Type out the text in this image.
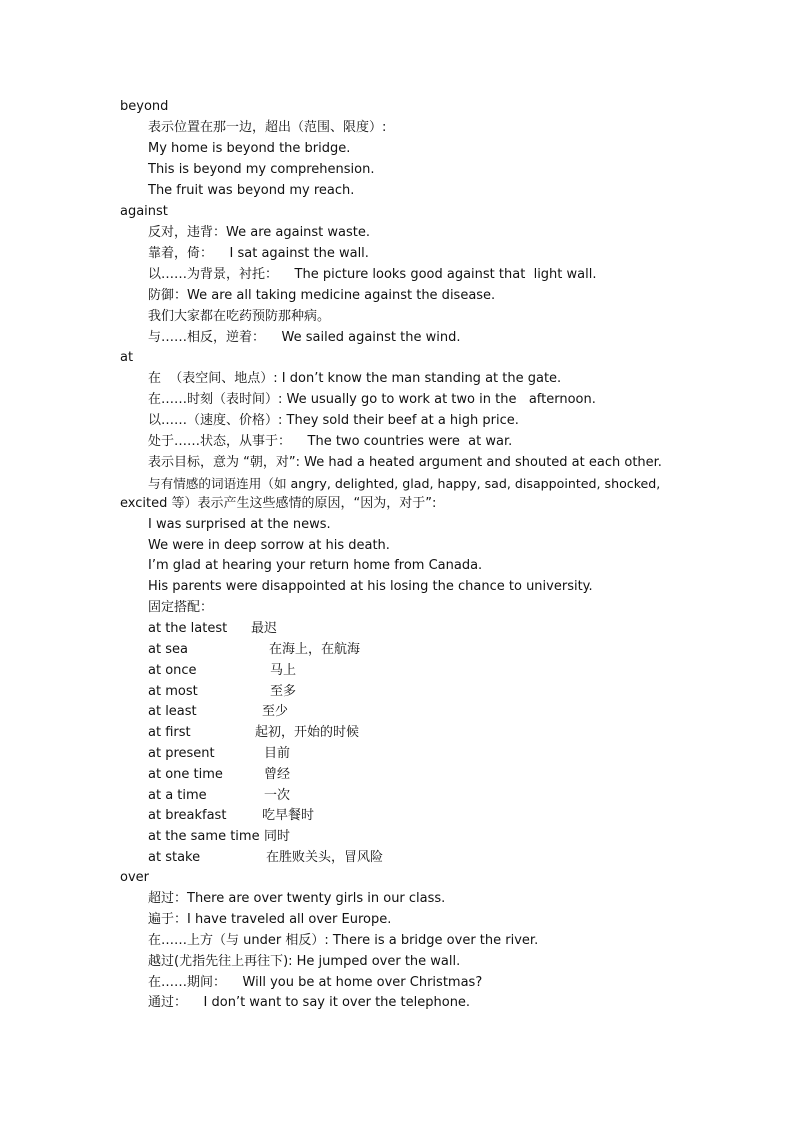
beyond
表示位置在那一边，超出（范围、限度）:
My home is beyond the bridge.
This is beyond my comprehension.
The fruit was beyond my reach.
against
反对，违背：We are against waste.
靠着，倚：    I sat against the wall.
以……为背景，衬托：    The picture looks good against that  light wall.
防御：We are all taking medicine against the disease.
我们大家都在吃药预防那种病。
与……相反，逆着：    We sailed against the wind.
at
在  （表空间、地点）: I don’t know the man standing at the gate.
在……时刻（表时间）: We usually go to work at two in the   afternoon.
以……（速度、价格）: They sold their beef at a high price.
处于……状态，从事于：    The two countries were  at war.
表示目标，意为 “朝，对”: We had a heated argument and shouted at each other.
与有情感的词语连用（如 angry, delighted, glad, happy, sad, disappointed, shocked,
excited 等）表示产生这些感情的原因，“因为，对于”:
I was surprised at the news.
We were in deep sorrow at his death.
I’m glad at hearing your return home from Canada.
His parents were disappointed at his losing the chance to university.
固定搭配：
at the latest 最迟
at sea	在海上，在航海
at once	马上
at most	至多
at least	至少
at first	起初，开始的时候
at present	目前
at one time	曾经
at a time	一次
at breakfast	吃早餐时
at the same time 同时
at stake	在胜败关头，冒风险
over
超过：There are over twenty girls in our class.
遍于：I have traveled all over Europe.
在……上方（与 under 相反）: There is a bridge over the river.
越过(尤指先往上再往下): He jumped over the wall.
在……期间：    Will you be at home over Christmas?
通过：    I don’t want to say it over the telephone.
